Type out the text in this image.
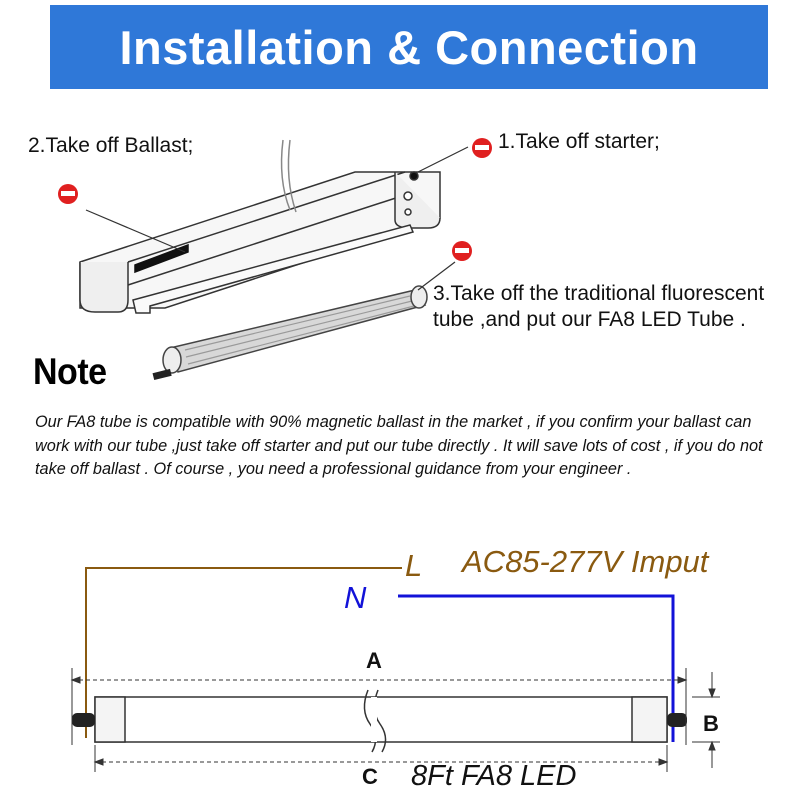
Installation & Connection
2.Take off Ballast;	1.Take off starter;
3.Take off the traditional fluorescent tube ,and put our FA8 LED Tube .
Note
Our FA8 tube is compatible with 90% magnetic ballast in the market , if you confirm your ballast can work with our tube ,just take off starter and put our tube directly . It will save lots of cost , if you do not take off ballast . Of course , you need a professional guidance from your engineer .
L AC85-277V Imput
N
A
B
C 8Ft FA8 LED
